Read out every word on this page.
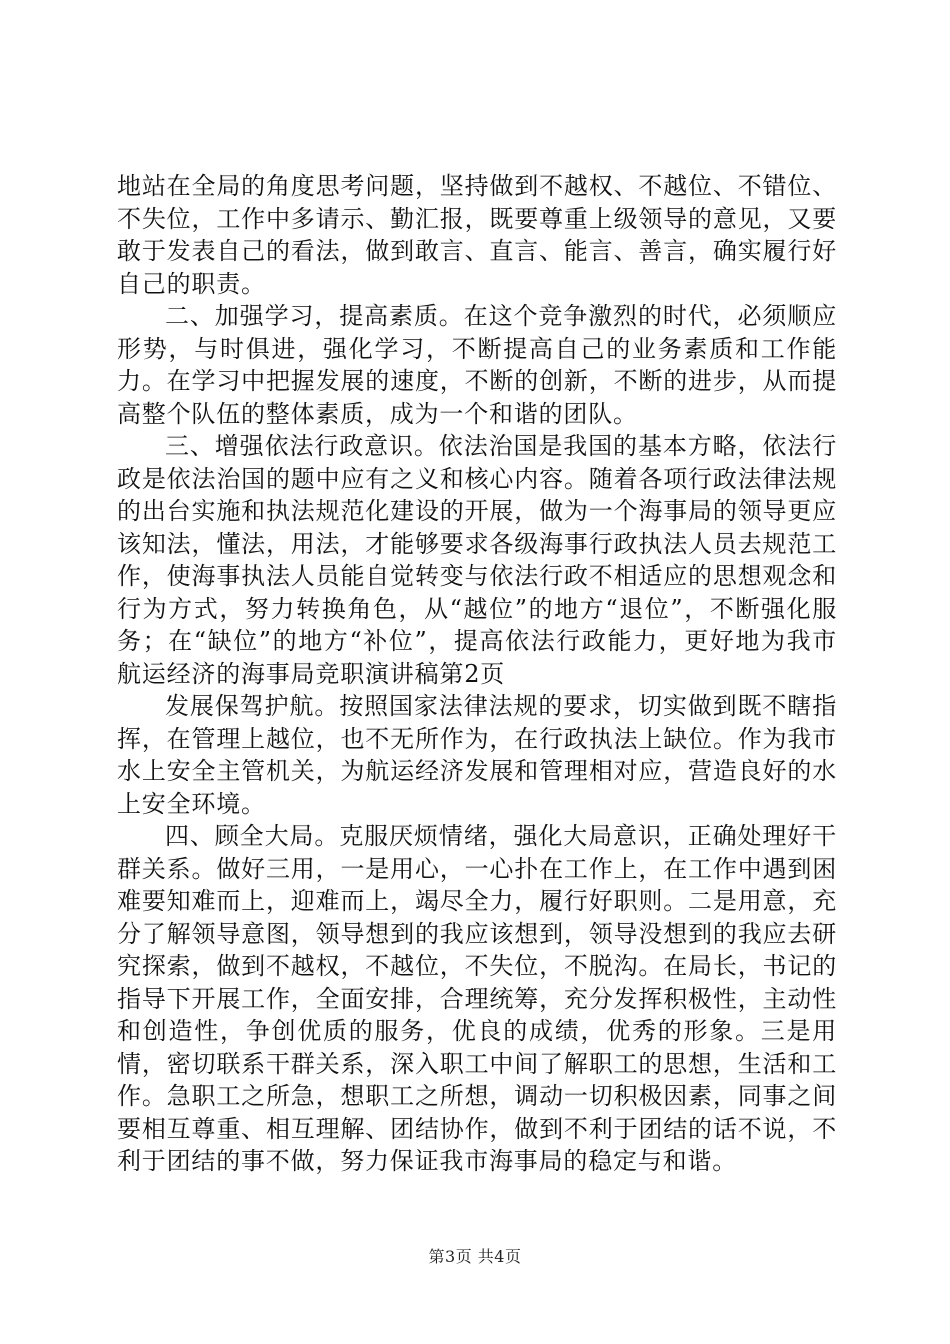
地站在全局的角度思考问题，坚持做到不越权、不越位、不错位、不失位，工作中多请示、勤汇报，既要尊重上级领导的意见，又要敢于发表自己的看法，做到敢言、直言、能言、善言，确实履行好自己的职责。

二、加强学习，提高素质。在这个竞争激烈的时代，必须顺应形势，与时俱进，强化学习，不断提高自己的业务素质和工作能力。在学习中把握发展的速度，不断的创新，不断的进步，从而提高整个队伍的整体素质，成为一个和谐的团队。

三、增强依法行政意识。依法治国是我国的基本方略，依法行政是依法治国的题中应有之义和核心内容。随着各项行政法律法规的出台实施和执法规范化建设的开展，做为一个海事局的领导更应该知法，懂法，用法，才能够要求各级海事行政执法人员去规范工作，使海事执法人员能自觉转变与依法行政不相适应的思想观念和行为方式，努力转换角色，从“越位”的地方“退位”，不断强化服务；在“缺位”的地方“补位”，提高依法行政能力，更好地为我市航运经济的海事局竞职演讲稿第2页

发展保驾护航。按照国家法律法规的要求，切实做到既不瞎指挥，在管理上越位，也不无所作为，在行政执法上缺位。作为我市水上安全主管机关，为航运经济发展和管理相对应，营造良好的水上安全环境。

四、顾全大局。克服厌烦情绪，强化大局意识，正确处理好干群关系。做好三用，一是用心，一心扑在工作上，在工作中遇到困难要知难而上，迎难而上，竭尽全力，履行好职则。二是用意，充分了解领导意图，领导想到的我应该想到，领导没想到的我应去研究探索，做到不越权，不越位，不失位，不脱沟。在局长，书记的指导下开展工作，全面安排，合理统筹，充分发挥积极性，主动性和创造性，争创优质的服务，优良的成绩，优秀的形象。三是用情，密切联系干群关系，深入职工中间了解职工的思想，生活和工作。急职工之所急，想职工之所想，调动一切积极因素，同事之间要相互尊重、相互理解、团结协作，做到不利于团结的话不说，不利于团结的事不做，努力保证我市海事局的稳定与和谐。

第3页 共4页
